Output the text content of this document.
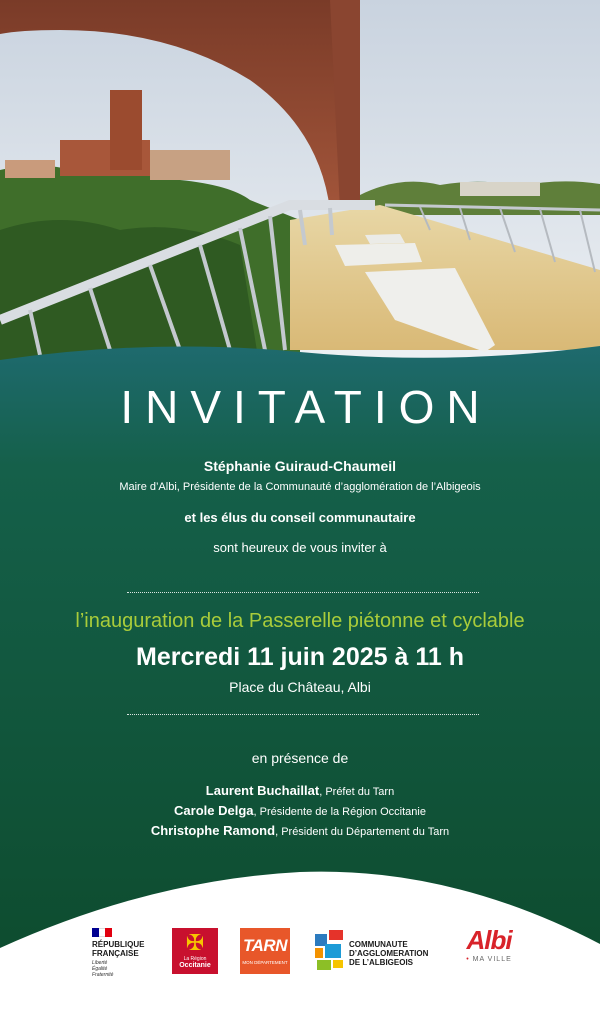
INVITATION
Stéphanie Guiraud-Chaumeil
Maire d’Albi, Présidente de la Communauté d’agglomération de l’Albigeois
et les élus du conseil communautaire
sont heureux de vous inviter à
l’inauguration de la Passerelle piétonne et cyclable
Mercredi 11 juin 2025 à 11 h
Place du Château, Albi
en présence de
Laurent Buchaillat, Préfet du Tarn
Carole Delga, Présidente de la Région Occitanie
Christophe Ramond, Président du Département du Tarn
RÉPUBLIQUE
FRANÇAISE
Liberté
Égalité
Fraternité
✠
La Région
Occitanie
TARN
MON DÉPARTEMENT
COMMUNAUTE
D’AGGLOMERATION
DE L’ALBIGEOIS
Albi
• MA VILLE
